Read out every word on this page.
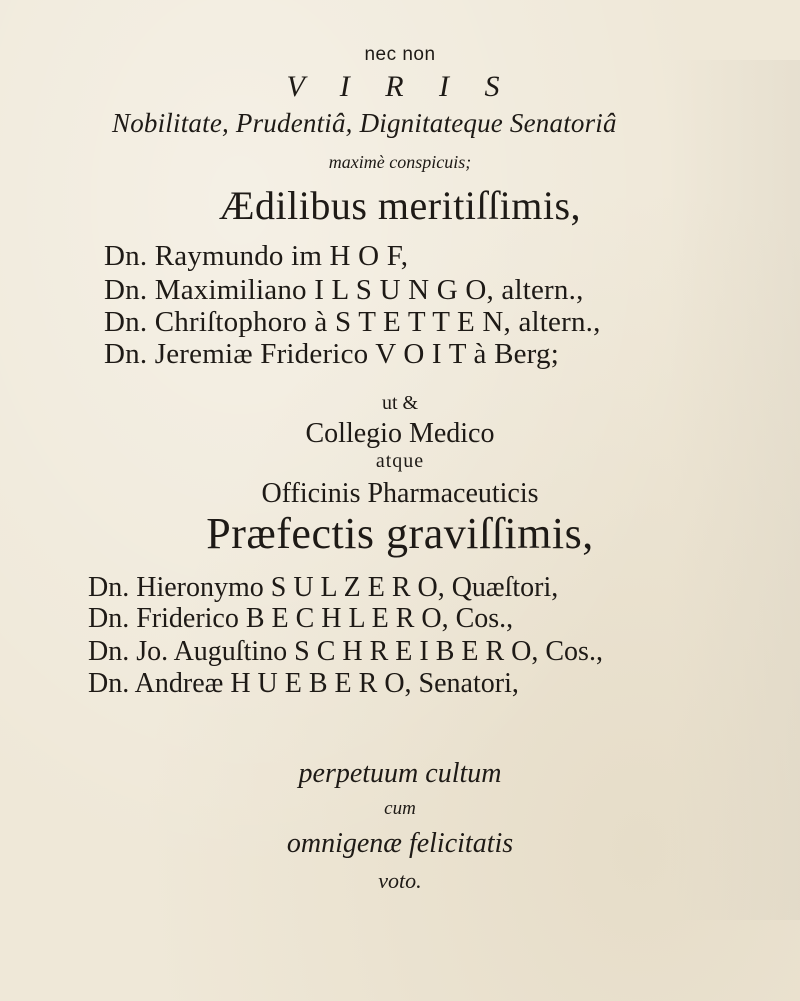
nec non
V I R I S
Nobilitate, Prudentiâ, Dignitateque Senatoriâ
maximè conspicuis;
Ædilibus meritiſſimis,
Dn. Raymundo im H O F,
Dn. Maximiliano I L S U N G O, altern.,
Dn. Chriſtophoro à S T E T T E N, altern.,
Dn. Jeremiæ Friderico V O I T à Berg;
ut &
Collegio Medico
atque
Officinis Pharmaceuticis
Præfectis graviſſimis,
Dn. Hieronymo S U L Z E R O, Quæſtori,
Dn. Friderico B E C H L E R O, Cos.,
Dn. Jo. Auguſtino S C H R E I B E R O, Cos.,
Dn. Andreæ H U E B E R O, Senatori,
perpetuum cultum
cum
omnigenæ felicitatis
voto.
